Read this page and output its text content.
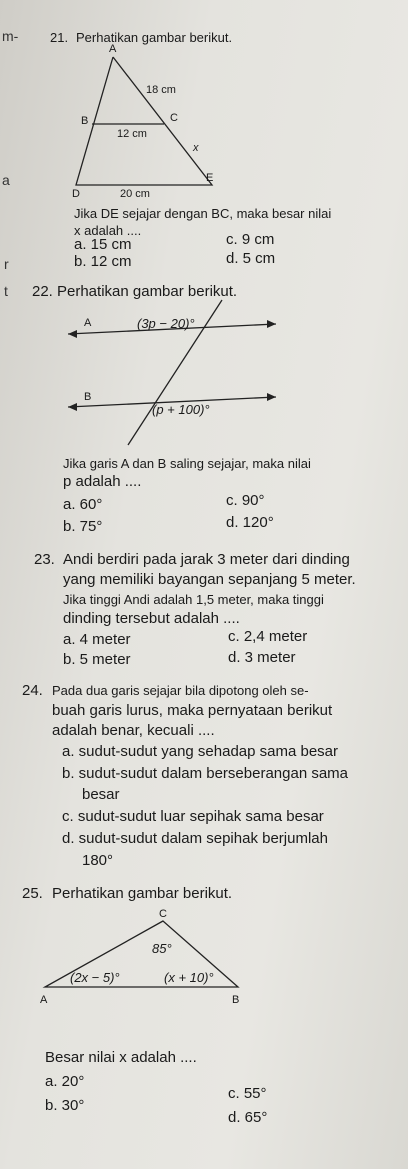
m-
a
r
t
21. Perhatikan gambar berikut.
A
B	C
D
E
18 cm
12 cm
x
20 cm
Jika DE sejajar dengan BC, maka besar nilai
x adalah ....
a. 15 cm
b. 12 cm
c. 9 cm
d. 5 cm
22. Perhatikan gambar berikut.
A
B
(3p − 20)°
(p + 100)°
Jika garis A dan B saling sejajar, maka nilai
p adalah ....
a. 60°
b. 75°
c. 90°
d. 120°
23. Andi berdiri pada jarak 3 meter dari dinding
yang memiliki bayangan sepanjang 5 meter.
Jika tinggi Andi adalah 1,5 meter, maka tinggi
dinding tersebut adalah ....
a. 4 meter
b. 5 meter
c. 2,4 meter
d. 3 meter
24. Pada dua garis sejajar bila dipotong oleh se-
buah garis lurus, maka pernyataan berikut
adalah benar, kecuali ....
a. sudut-sudut yang sehadap sama besar
b. sudut-sudut dalam berseberangan sama
besar
c. sudut-sudut luar sepihak sama besar
d. sudut-sudut dalam sepihak berjumlah
180°
25. Perhatikan gambar berikut.
C
A	B
85°
(2x − 5)°	(x + 10)°
Besar nilai x adalah ....
a. 20°
b. 30°
c. 55°
d. 65°
